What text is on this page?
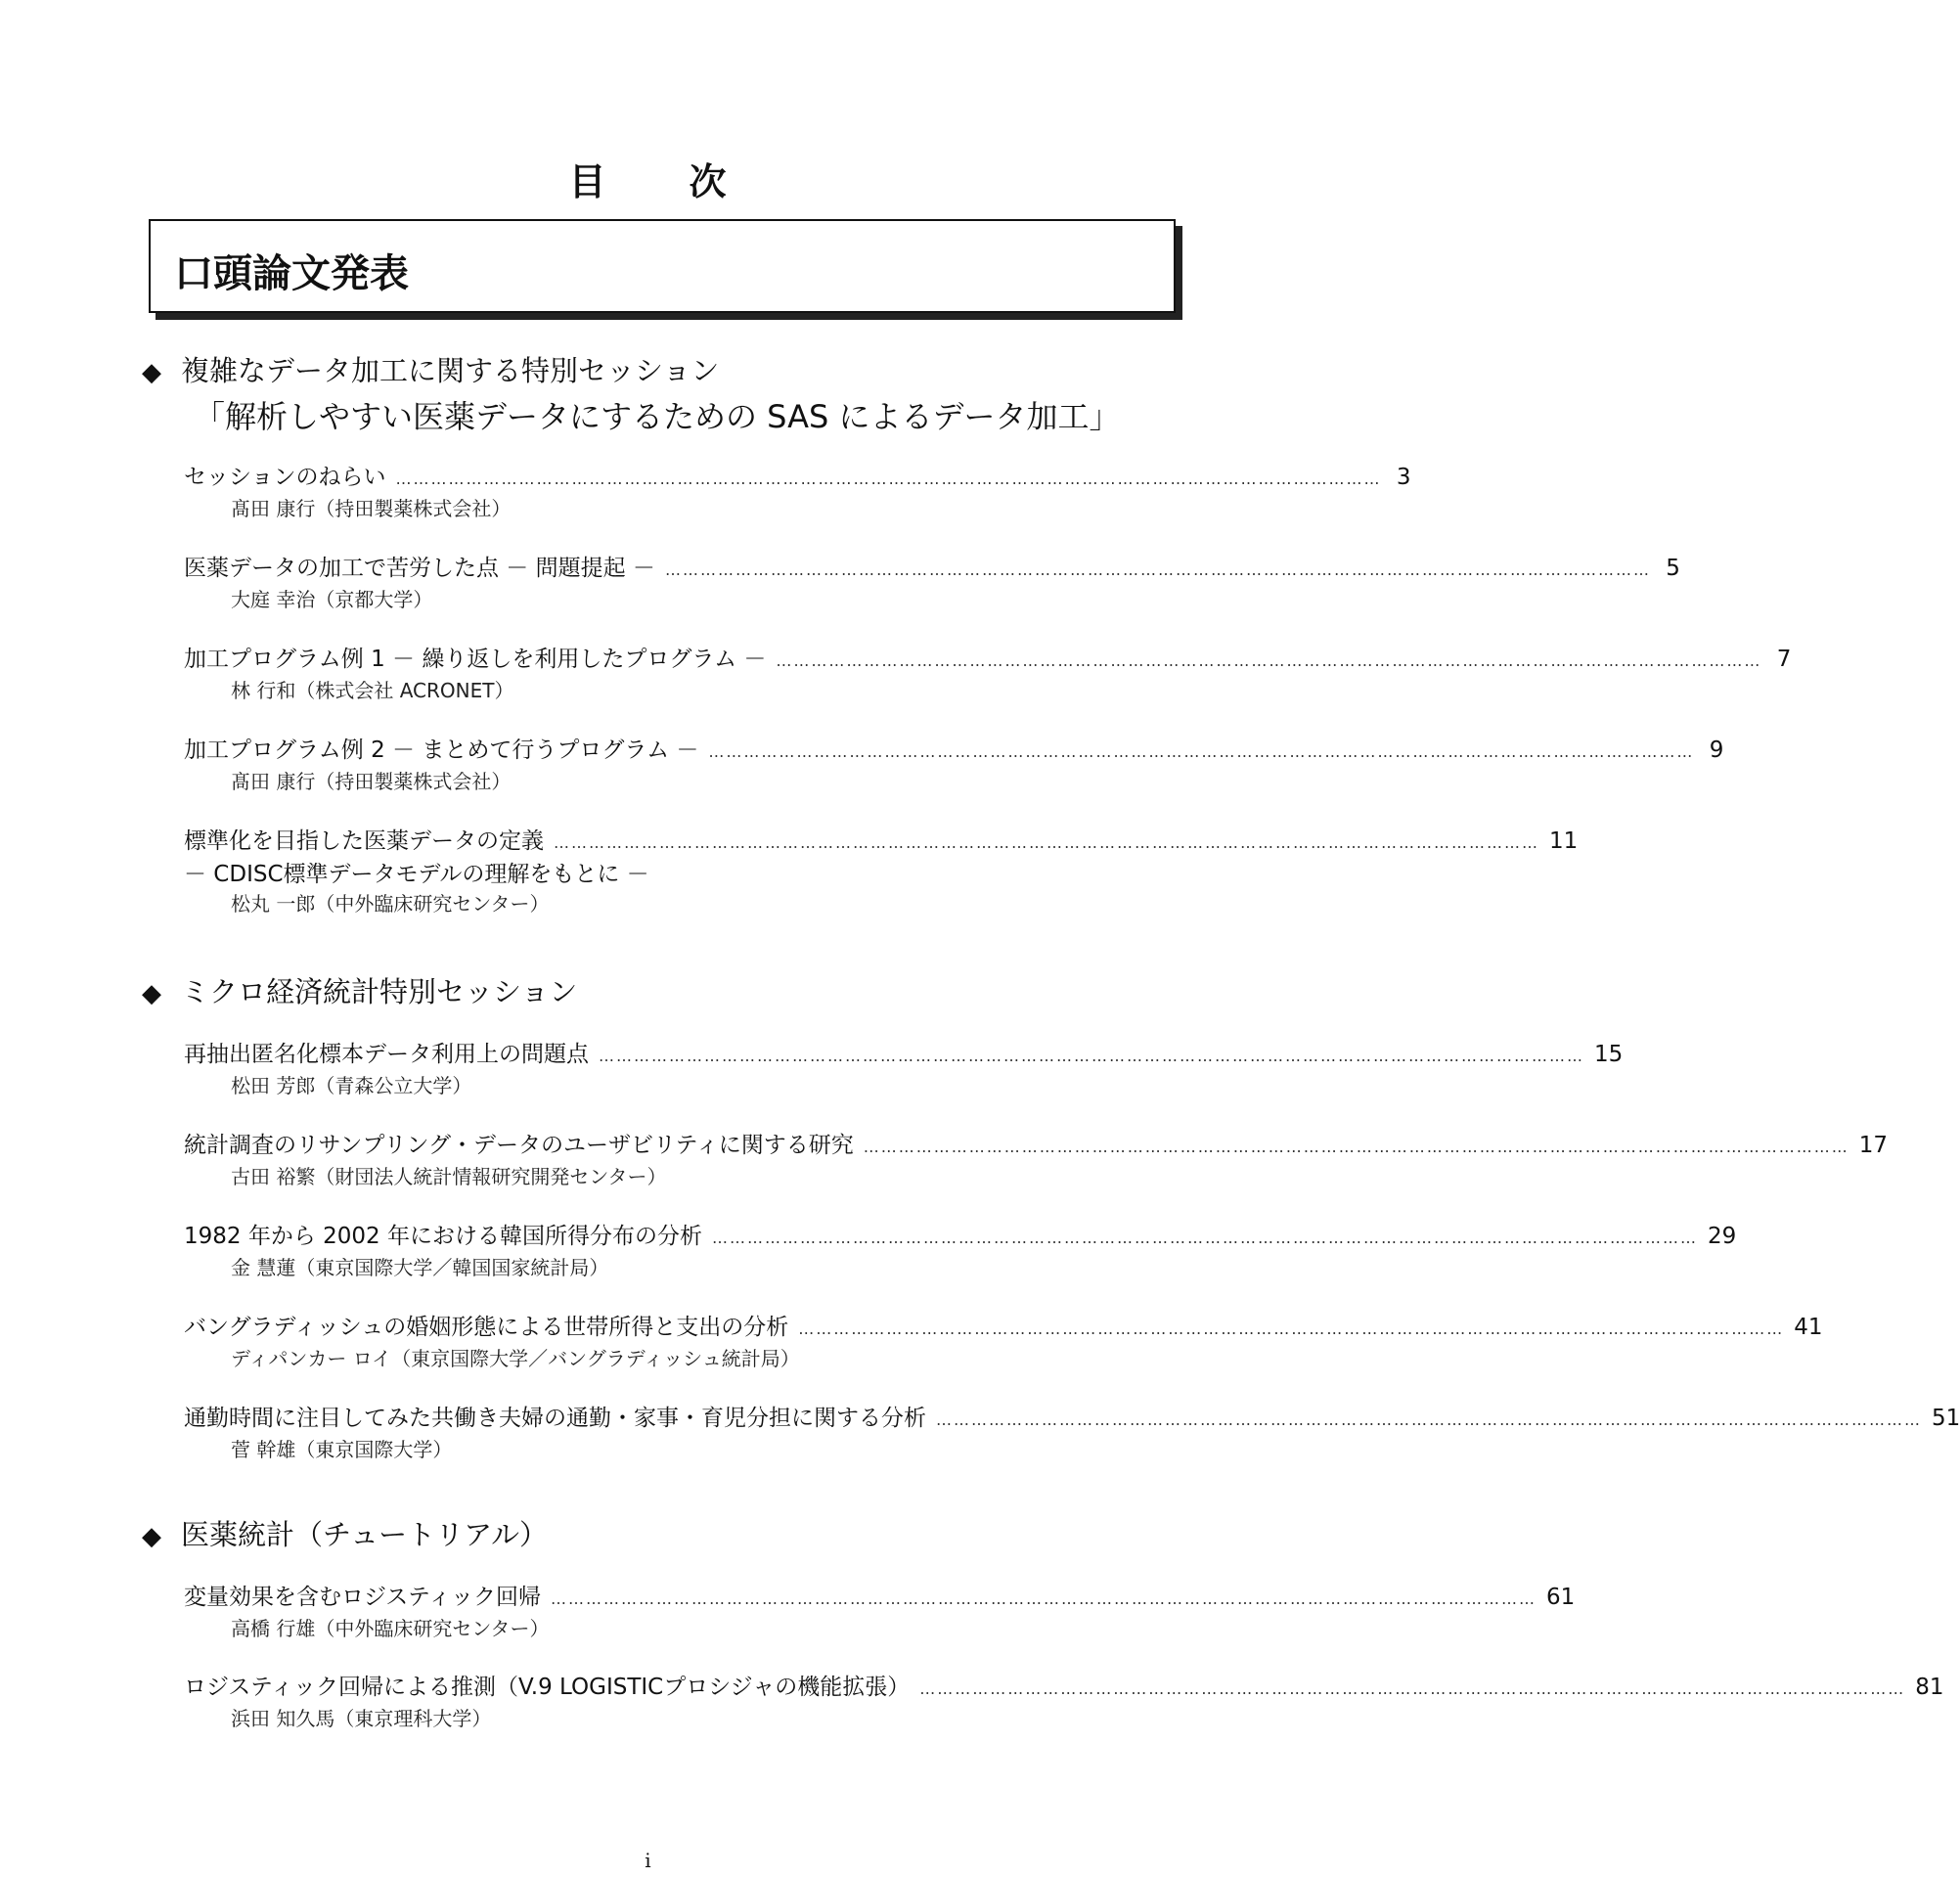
目 次
口頭論文発表
◆ 複雑なデータ加工に関する特別セッション
「解析しやすい医薬データにするための SAS によるデータ加工」
セッションのねらい …………………………………………………………………………………………………………………………………………………… 3
髙田 康行（持田製薬株式会社）
医薬データの加工で苦労した点 － 問題提起 － …………………………………………………………………………………………………………………………………………………… 5
大庭 幸治（京都大学）
加工プログラム例 1 － 繰り返しを利用したプログラム － …………………………………………………………………………………………………………………………………………………… 7
林 行和（株式会社 ACRONET）
加工プログラム例 2 － まとめて行うプログラム － …………………………………………………………………………………………………………………………………………………… 9
髙田 康行（持田製薬株式会社）
標準化を目指した医薬データの定義 …………………………………………………………………………………………………………………………………………………… 11
－ CDISC標準データモデルの理解をもとに －
松丸 一郎（中外臨床研究センター）
◆ ミクロ経済統計特別セッション
再抽出匿名化標本データ利用上の問題点 …………………………………………………………………………………………………………………………………………………… 15
松田 芳郎（青森公立大学）
統計調査のリサンプリング・データのユーザビリティに関する研究 …………………………………………………………………………………………………………………………………………………… 17
古田 裕繁（財団法人統計情報研究開発センター）
1982 年から 2002 年における韓国所得分布の分析 …………………………………………………………………………………………………………………………………………………… 29
金 慧蓮（東京国際大学／韓国国家統計局）
バングラディッシュの婚姻形態による世帯所得と支出の分析 …………………………………………………………………………………………………………………………………………………… 41
ディパンカー ロイ（東京国際大学／バングラディッシュ統計局）
通勤時間に注目してみた共働き夫婦の通勤・家事・育児分担に関する分析 …………………………………………………………………………………………………………………………………………………… 51
菅 幹雄（東京国際大学）
◆ 医薬統計（チュートリアル）
変量効果を含むロジスティック回帰 …………………………………………………………………………………………………………………………………………………… 61
高橋 行雄（中外臨床研究センター）
ロジスティック回帰による推測（V.9 LOGISTICプロシジャの機能拡張） …………………………………………………………………………………………………………………………………………………… 81
浜田 知久馬（東京理科大学）
i
